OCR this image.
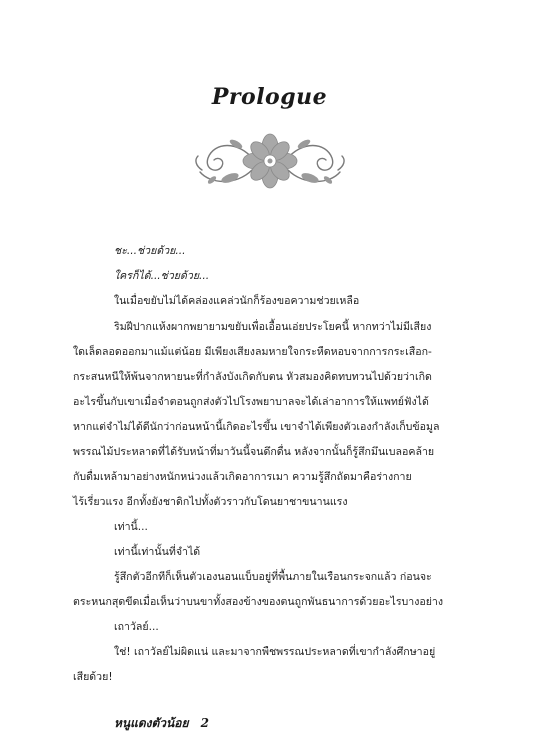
Prologue
ชะ...ช่วยด้วย...
ใครก็ได้...ช่วยด้วย...
ในเมื่อขยับไม่ได้คล่องแคล่วนักก็ร้องขอความช่วยเหลือ
ริมฝีปากแห้งผากพยายามขยับเพื่อเอื้อนเอ่ยประโยคนี้ หากทว่าไม่มีเสียง
ใดเล็ดลอดออกมาแม้แต่น้อย มีเพียงเสียงลมหายใจกระหืดหอบจากการกระเสือก-
กระสนหนีให้พ้นจากหายนะที่กำลังบังเกิดกับตน หัวสมองคิดทบทวนไปด้วยว่าเกิด
อะไรขึ้นกับเขาเมื่อจำตอนถูกส่งตัวไปโรงพยาบาลจะได้เล่าอาการให้แพทย์ฟังได้
หากแต่จำไม่ได้ดีนักว่าก่อนหน้านี้เกิดอะไรขึ้น เขาจำได้เพียงตัวเองกำลังเก็บข้อมูล
พรรณไม้ประหลาดที่ได้รับหน้าที่มาวันนี้จนดึกดื่น หลังจากนั้นก็รู้สึกมึนเบลอคล้าย
กับดื่มเหล้ามาอย่างหนักหน่วงแล้วเกิดอาการเมา ความรู้สึกถัดมาคือร่างกาย
ไร้เรี่ยวแรง อีกทั้งยังชาดิกไปทั้งตัวราวกับโดนยาชาขนานแรง
เท่านี้...
เท่านี้เท่านั้นที่จำได้
รู้สึกตัวอีกทีก็เห็นตัวเองนอนแบ็บอยู่ที่พื้นภายในเรือนกระจกแล้ว ก่อนจะ
ตระหนกสุดขีดเมื่อเห็นว่าบนขาทั้งสองข้างของตนถูกพันธนาการด้วยอะไรบางอย่าง
เถาวัลย์...
ใช่! เถาวัลย์ไม่ผิดแน่ และมาจากพืชพรรณประหลาดที่เขากำลังศึกษาอยู่
เสียด้วย!
หนูแดงตัวน้อย 2
